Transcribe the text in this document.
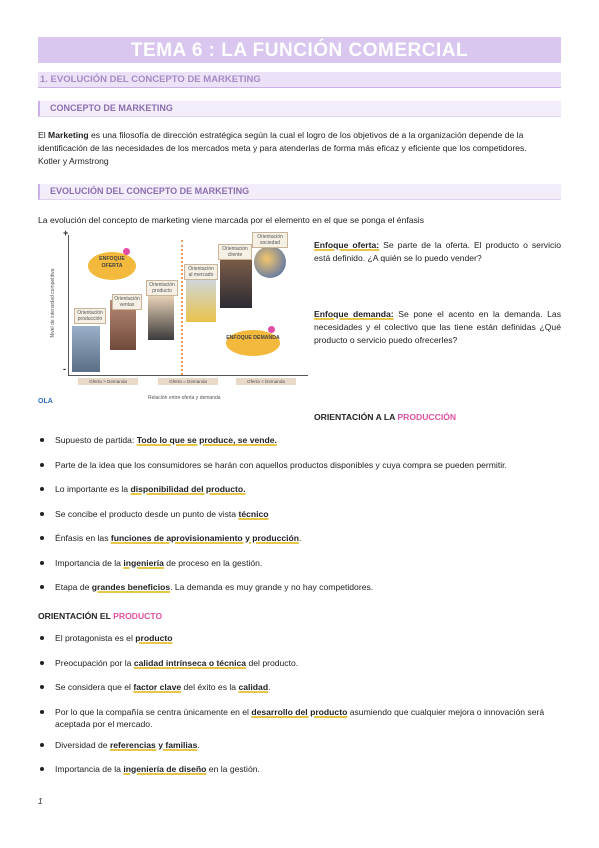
TEMA 6 : LA FUNCIÓN COMERCIAL
1. EVOLUCIÓN DEL CONCEPTO DE MARKETING
CONCEPTO DE MARKETING
El Marketing es una filosofía de dirección estratégica según la cual el logro de los objetivos de a la organización depende de la identificación de las necesidades de los mercados meta y para atenderlas de forma más eficaz y eficiente que los competidores.
Kotler y Armstrong
EVOLUCIÓN DEL CONCEPTO DE MARKETING
La evolución del concepto de marketing viene marcada por el elemento en el que se ponga el énfasis
+
-
Nivel de intensidad competitiva
ENFOQUE OFERTA
ENFOQUE DEMANDA
Orientación producción
Orientación ventas
Orientación producto
Orientación al mercado
Orientación cliente
Orientación sociedad
Oferta > Demanda	Oferta = Demanda	Oferta < Demanda
Relación entre oferta y demanda
OLA
Enfoque oferta: Se parte de la oferta. El producto o servicio está definido. ¿A quién se lo puedo vender?
Enfoque demanda: Se pone el acento en la demanda. Las necesidades y el colectivo que las tiene están definidas ¿Qué producto o servicio puedo ofrecerles?
ORIENTACIÓN A LA PRODUCCIÓN
Supuesto de partida: Todo lo que se produce, se vende.
Parte de la idea que los consumidores se harán con aquellos productos disponibles y cuya compra se pueden permitir.
Lo importante es la disponibilidad del producto.
Se concibe el producto desde un punto de vista técnico
Énfasis en las funciones de aprovisionamiento y producción.
Importancia de la ingeniería de proceso en la gestión.
Etapa de grandes beneficios. La demanda es muy grande y no hay competidores.
ORIENTACIÓN EL PRODUCTO
El protagonista es el producto
Preocupación por la calidad intrínseca o técnica del producto.
Se considera que el factor clave del éxito es la calidad.
Por lo que la compañía se centra únicamente en el desarrollo del producto asumiendo que cualquier mejora o innovación será aceptada por el mercado.
Diversidad de referencias y familias.
Importancia de la ingeniería de diseño en la gestión.
1
